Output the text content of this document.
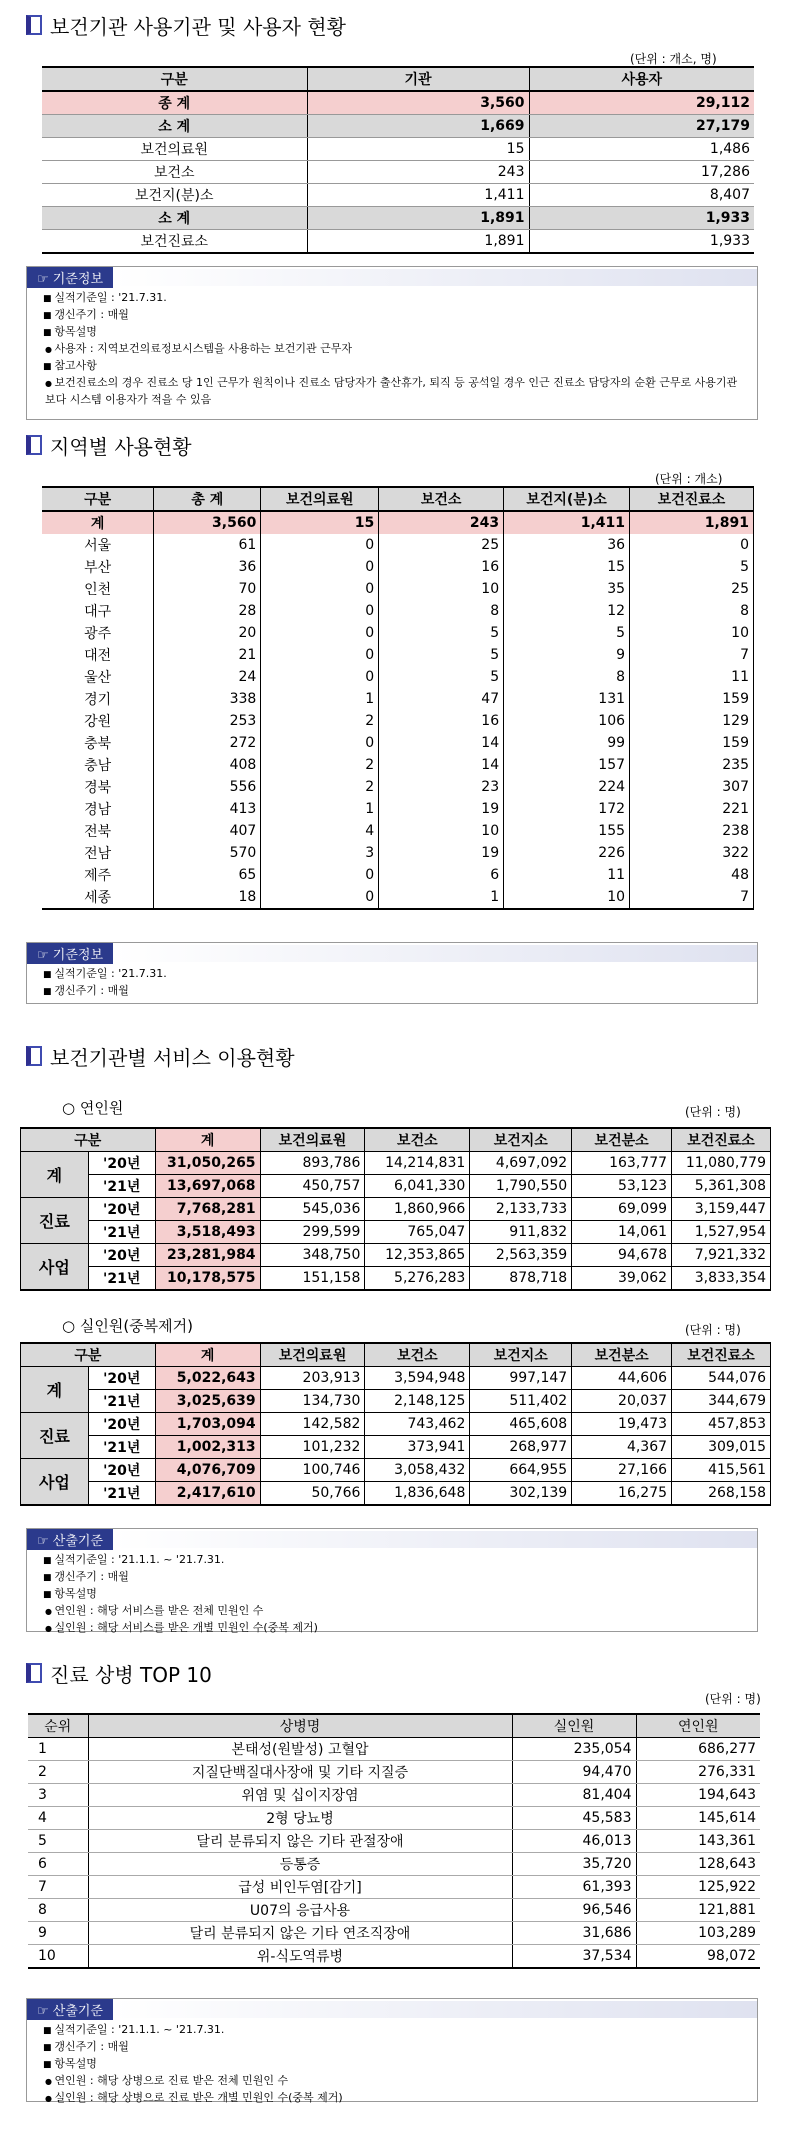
보건기관 사용기관 및 사용자 현황
(단위 : 개소, 명)
구분	기관	사용자
종 계	3,560	29,112
소 계	1,669	27,179
보건의료원	15	1,486
보건소	243	17,286
보건지(분)소	1,411	8,407
소 계	1,891	1,933
보건진료소	1,891	1,933
☞ 기준정보
■ 실적기준일 : '21.7.31.
■ 갱신주기 : 매월
■ 항목설명
● 사용자 : 지역보건의료정보시스템을 사용하는 보건기관 근무자
■ 참고사항
● 보건진료소의 경우 진료소 당 1인 근무가 원칙이나 진료소 담당자가 출산휴가, 퇴직 등 공석일 경우 인근 진료소 담당자의 순환 근무로 사용기관보다 시스템 이용자가 적을 수 있음
지역별 사용현황
(단위 : 개소)
구분	총 계	보건의료원	보건소	보건지(분)소	보건진료소
계	3,560	15	243	1,411	1,891
서울	61	0	25	36	0
부산	36	0	16	15	5
인천	70	0	10	35	25
대구	28	0	8	12	8
광주	20	0	5	5	10
대전	21	0	5	9	7
울산	24	0	5	8	11
경기	338	1	47	131	159
강원	253	2	16	106	129
충북	272	0	14	99	159
충남	408	2	14	157	235
경북	556	2	23	224	307
경남	413	1	19	172	221
전북	407	4	10	155	238
전남	570	3	19	226	322
제주	65	0	6	11	48
세종	18	0	1	10	7
☞ 기준정보
■ 실적기준일 : '21.7.31.
■ 갱신주기 : 매월
보건기관별 서비스 이용현황
○ 연인원	(단위 : 명)
구분		계	보건의료원	보건소	보건지소	보건분소	보건진료소
계	'20년	31,050,265	893,786	14,214,831	4,697,092	163,777	11,080,779
	'21년	13,697,068	450,757	6,041,330	1,790,550	53,123	5,361,308
진료	'20년	7,768,281	545,036	1,860,966	2,133,733	69,099	3,159,447
	'21년	3,518,493	299,599	765,047	911,832	14,061	1,527,954
사업	'20년	23,281,984	348,750	12,353,865	2,563,359	94,678	7,921,332
	'21년	10,178,575	151,158	5,276,283	878,718	39,062	3,833,354
○ 실인원(중복제거)	(단위 : 명)
구분		계	보건의료원	보건소	보건지소	보건분소	보건진료소
계	'20년	5,022,643	203,913	3,594,948	997,147	44,606	544,076
	'21년	3,025,639	134,730	2,148,125	511,402	20,037	344,679
진료	'20년	1,703,094	142,582	743,462	465,608	19,473	457,853
	'21년	1,002,313	101,232	373,941	268,977	4,367	309,015
사업	'20년	4,076,709	100,746	3,058,432	664,955	27,166	415,561
	'21년	2,417,610	50,766	1,836,648	302,139	16,275	268,158
☞ 산출기준
■ 실적기준일 : '21.1.1. ~ '21.7.31.
■ 갱신주기 : 매월
■ 항목설명
● 연인원 : 해당 서비스를 받은 전체 민원인 수
● 실인원 : 해당 서비스를 받은 개별 민원인 수(중복 제거)
진료 상병 TOP 10
(단위 : 명)
순위	상병명	실인원	연인원
1	본태성(원발성) 고혈압	235,054	686,277
2	지질단백질대사장애 및 기타 지질증	94,470	276,331
3	위염 및 십이지장염	81,404	194,643
4	2형 당뇨병	45,583	145,614
5	달리 분류되지 않은 기타 관절장애	46,013	143,361
6	등통증	35,720	128,643
7	급성 비인두염[감기]	61,393	125,922
8	U07의 응급사용	96,546	121,881
9	달리 분류되지 않은 기타 연조직장애	31,686	103,289
10	위-식도역류병	37,534	98,072
☞ 산출기준
■ 실적기준일 : '21.1.1. ~ '21.7.31.
■ 갱신주기 : 매월
■ 항목설명
● 연인원 : 해당 상병으로 진료 받은 전체 민원인 수
● 실인원 : 해당 상병으로 진료 받은 개별 민원인 수(중복 제거)
